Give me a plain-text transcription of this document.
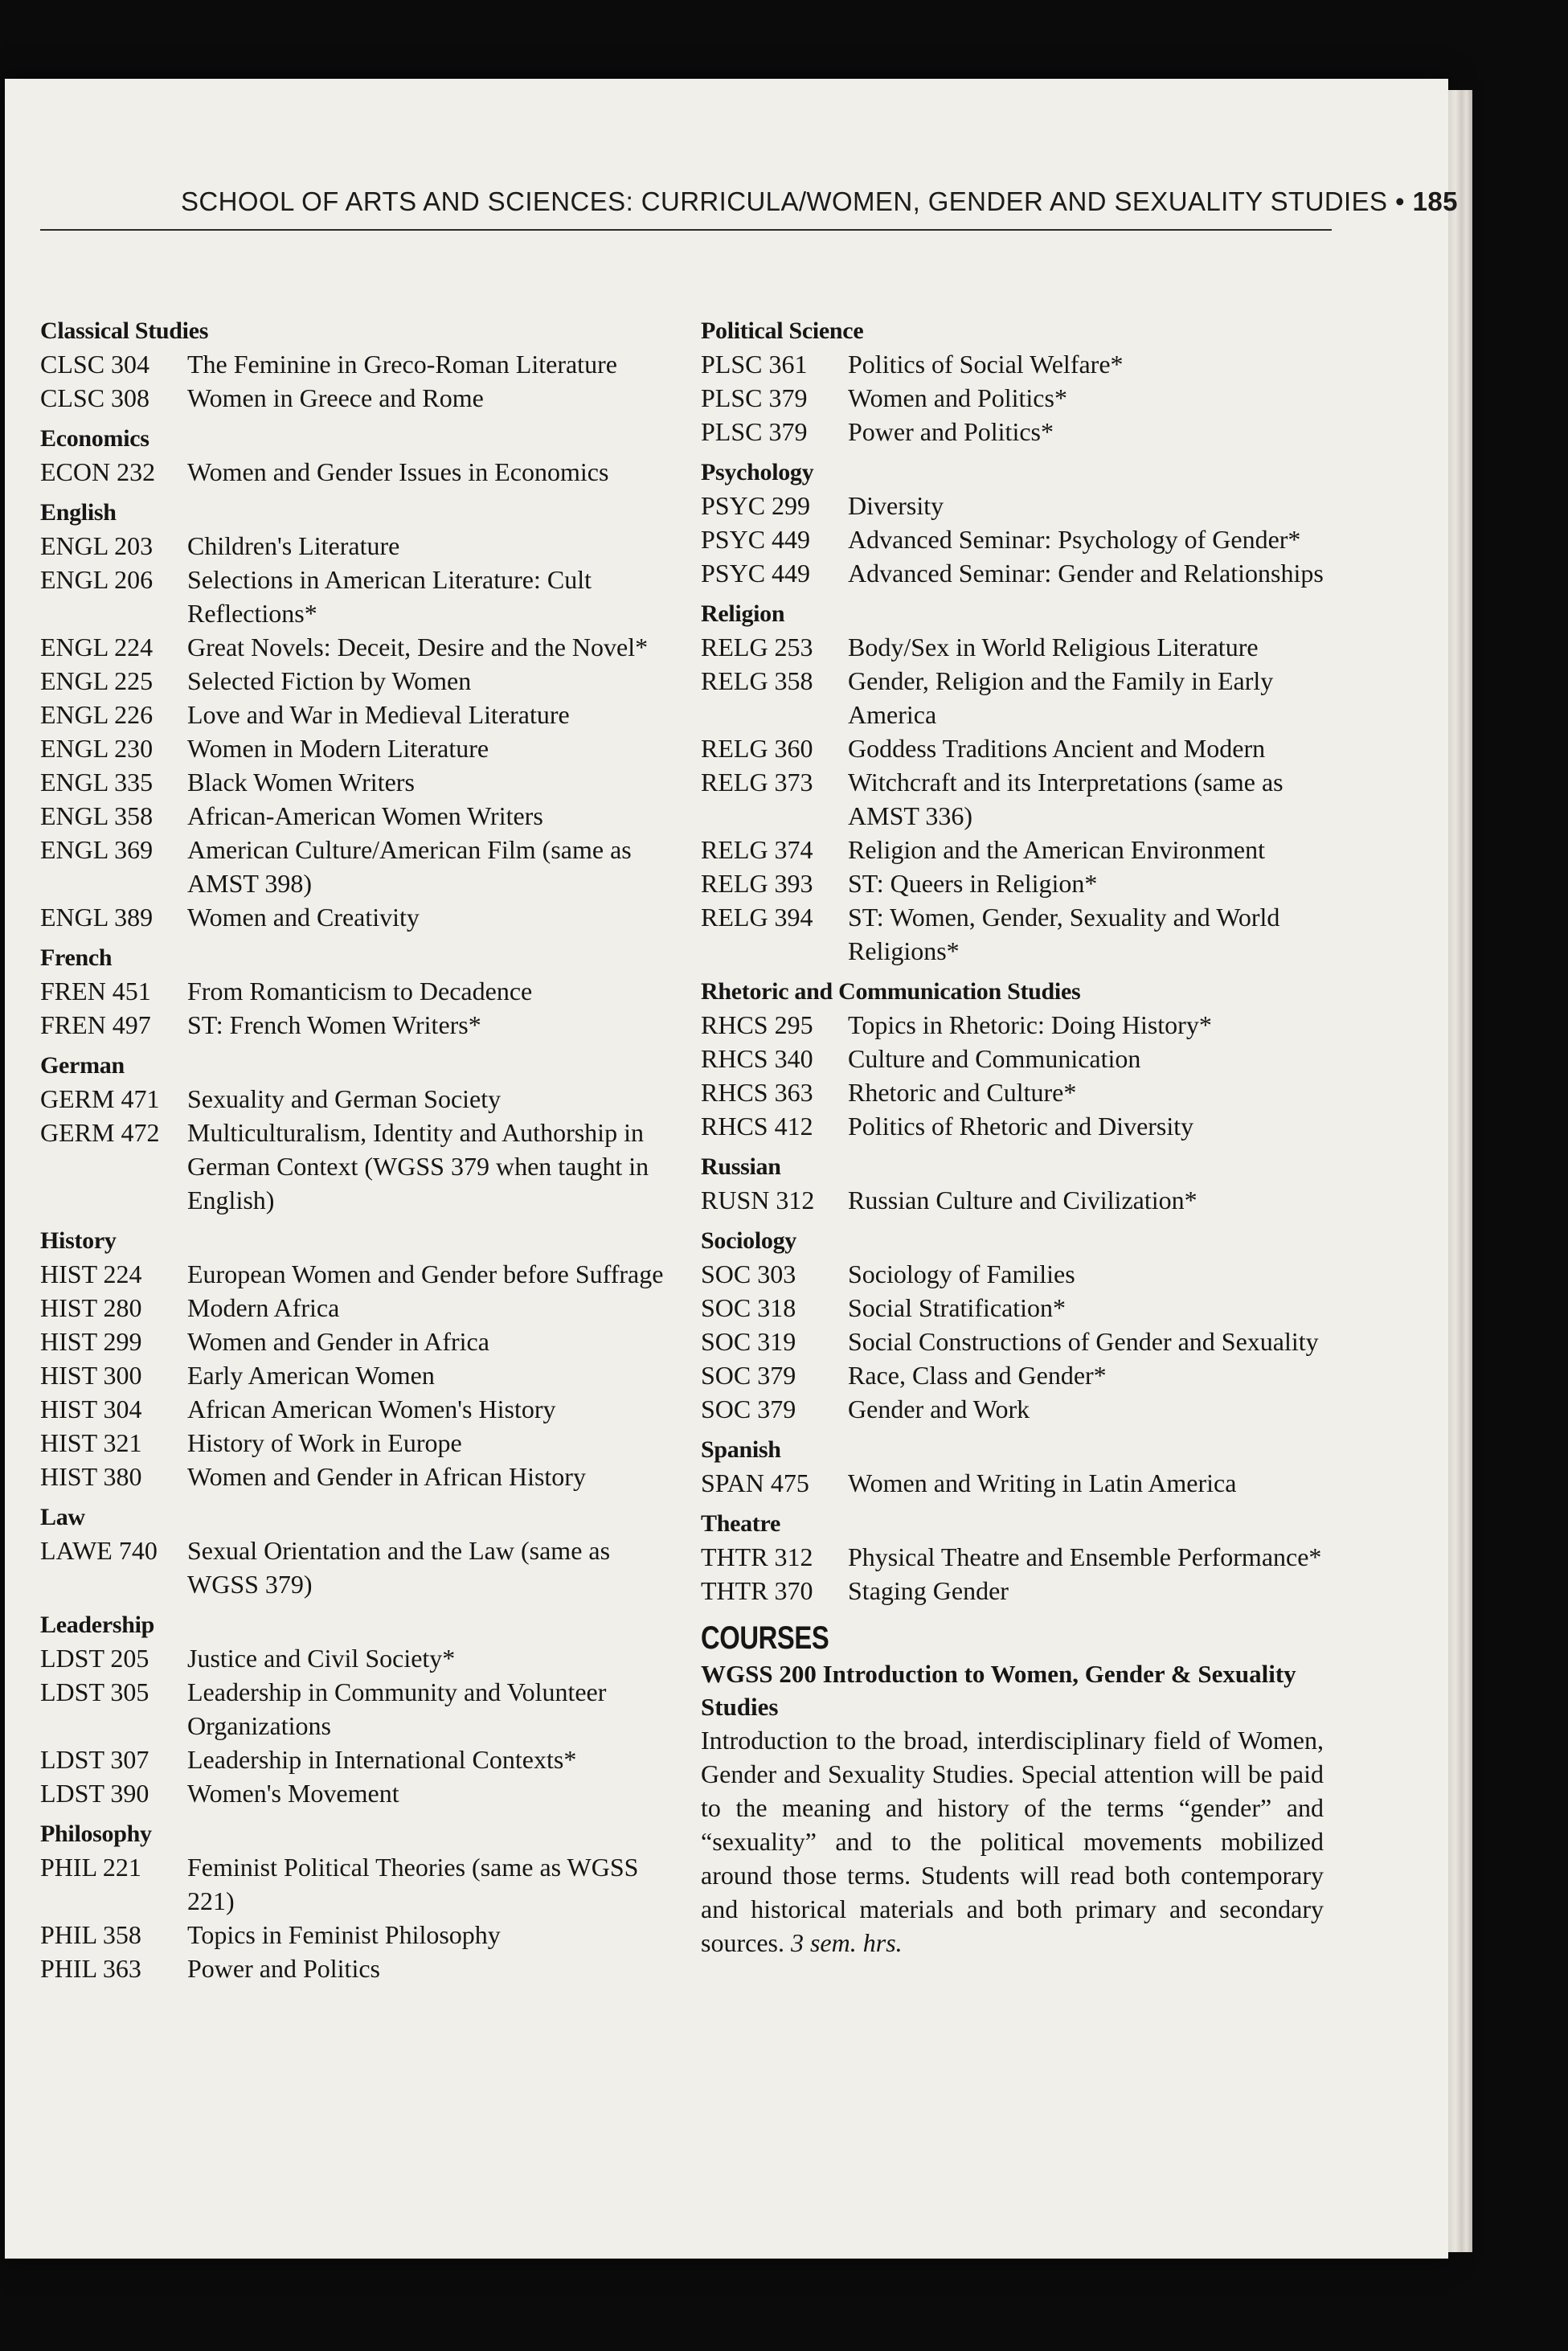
SCHOOL OF ARTS AND SCIENCES: CURRICULA/WOMEN, GENDER AND SEXUALITY STUDIES • 185
Classical Studies
CLSC 304	The Feminine in Greco-Roman Literature
CLSC 308	Women in Greece and Rome
Economics
ECON 232	Women and Gender Issues in Economics
English
ENGL 203	Children's Literature
ENGL 206	Selections in American Literature: Cult Reflections*
ENGL 224	Great Novels: Deceit, Desire and the Novel*
ENGL 225	Selected Fiction by Women
ENGL 226	Love and War in Medieval Literature
ENGL 230	Women in Modern Literature
ENGL 335	Black Women Writers
ENGL 358	African-American Women Writers
ENGL 369	American Culture/American Film (same as AMST 398)
ENGL 389	Women and Creativity
French
FREN 451	From Romanticism to Decadence
FREN 497	ST: French Women Writers*
German
GERM 471	Sexuality and German Society
GERM 472	Multiculturalism, Identity and Authorship in German Context (WGSS 379 when taught in English)
History
HIST 224	European Women and Gender before Suffrage
HIST 280	Modern Africa
HIST 299	Women and Gender in Africa
HIST 300	Early American Women
HIST 304	African American Women's History
HIST 321	History of Work in Europe
HIST 380	Women and Gender in African History
Law
LAWE 740	Sexual Orientation and the Law (same as WGSS 379)
Leadership
LDST 205	Justice and Civil Society*
LDST 305	Leadership in Community and Volunteer Organizations
LDST 307	Leadership in International Contexts*
LDST 390	Women's Movement
Philosophy
PHIL 221	Feminist Political Theories (same as WGSS 221)
PHIL 358	Topics in Feminist Philosophy
PHIL 363	Power and Politics
Political Science
PLSC 361	Politics of Social Welfare*
PLSC 379	Women and Politics*
PLSC 379	Power and Politics*
Psychology
PSYC 299	Diversity
PSYC 449	Advanced Seminar: Psychology of Gender*
PSYC 449	Advanced Seminar: Gender and Relationships
Religion
RELG 253	Body/Sex in World Religious Literature
RELG 358	Gender, Religion and the Family in Early America
RELG 360	Goddess Traditions Ancient and Modern
RELG 373	Witchcraft and its Interpretations (same as AMST 336)
RELG 374	Religion and the American Environment
RELG 393	ST: Queers in Religion*
RELG 394	ST: Women, Gender, Sexuality and World Religions*
Rhetoric and Communication Studies
RHCS 295	Topics in Rhetoric: Doing History*
RHCS 340	Culture and Communication
RHCS 363	Rhetoric and Culture*
RHCS 412	Politics of Rhetoric and Diversity
Russian
RUSN 312	Russian Culture and Civilization*
Sociology
SOC 303	Sociology of Families
SOC 318	Social Stratification*
SOC 319	Social Constructions of Gender and Sexuality
SOC 379	Race, Class and Gender*
SOC 379	Gender and Work
Spanish
SPAN 475	Women and Writing in Latin America
Theatre
THTR 312	Physical Theatre and Ensemble Performance*
THTR 370	Staging Gender
COURSES
WGSS 200 Introduction to Women, Gender & Sexuality Studies
Introduction to the broad, interdisciplinary field of Women, Gender and Sexuality Studies. Special attention will be paid to the meaning and history of the terms “gender” and “sexuality” and to the political movements mobilized around those terms. Students will read both contemporary and historical materials and both primary and secondary sources. 3 sem. hrs.
